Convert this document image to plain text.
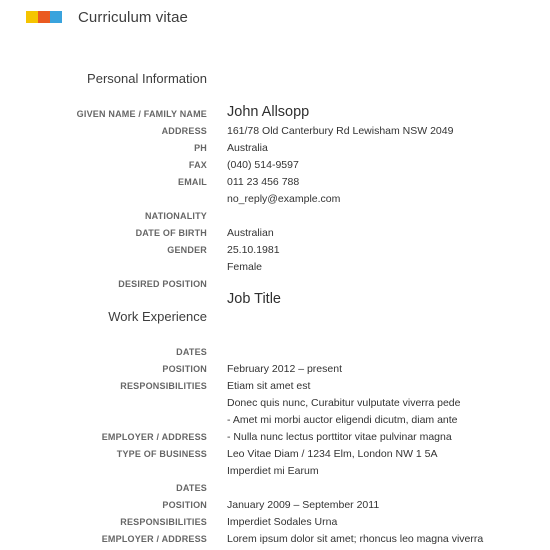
Curriculum vitae
Personal Information
GIVEN NAME / FAMILY NAME John Allsopp
ADDRESS 161/78 Old Canterbury Rd Lewisham NSW 2049
PH Australia
FAX (040) 514-9597
EMAIL 011 23 456 788
no_reply@example.com
NATIONALITY
DATE OF BIRTH Australian
GENDER 25.10.1981
Female
DESIRED POSITION
Job Title
Work Experience
DATES
POSITION February 2012 – present
RESPONSIBILITIES Etiam sit amet est
Donec quis nunc, Curabitur vulputate viverra pede
- Amet mi morbi auctor eligendi dicutm, diam ante
EMPLOYER / ADDRESS - Nulla nunc lectus porttitor vitae pulvinar magna
TYPE OF BUSINESS Leo Vitae Diam / 1234 Elm, London NW 1 5A
Imperdiet mi Earum
DATES
POSITION January 2009 – September 2011
RESPONSIBILITIES Imperdiet Sodales Urna
EMPLOYER / ADDRESS Lorem ipsum dolor sit amet; rhoncus leo magna viverra
